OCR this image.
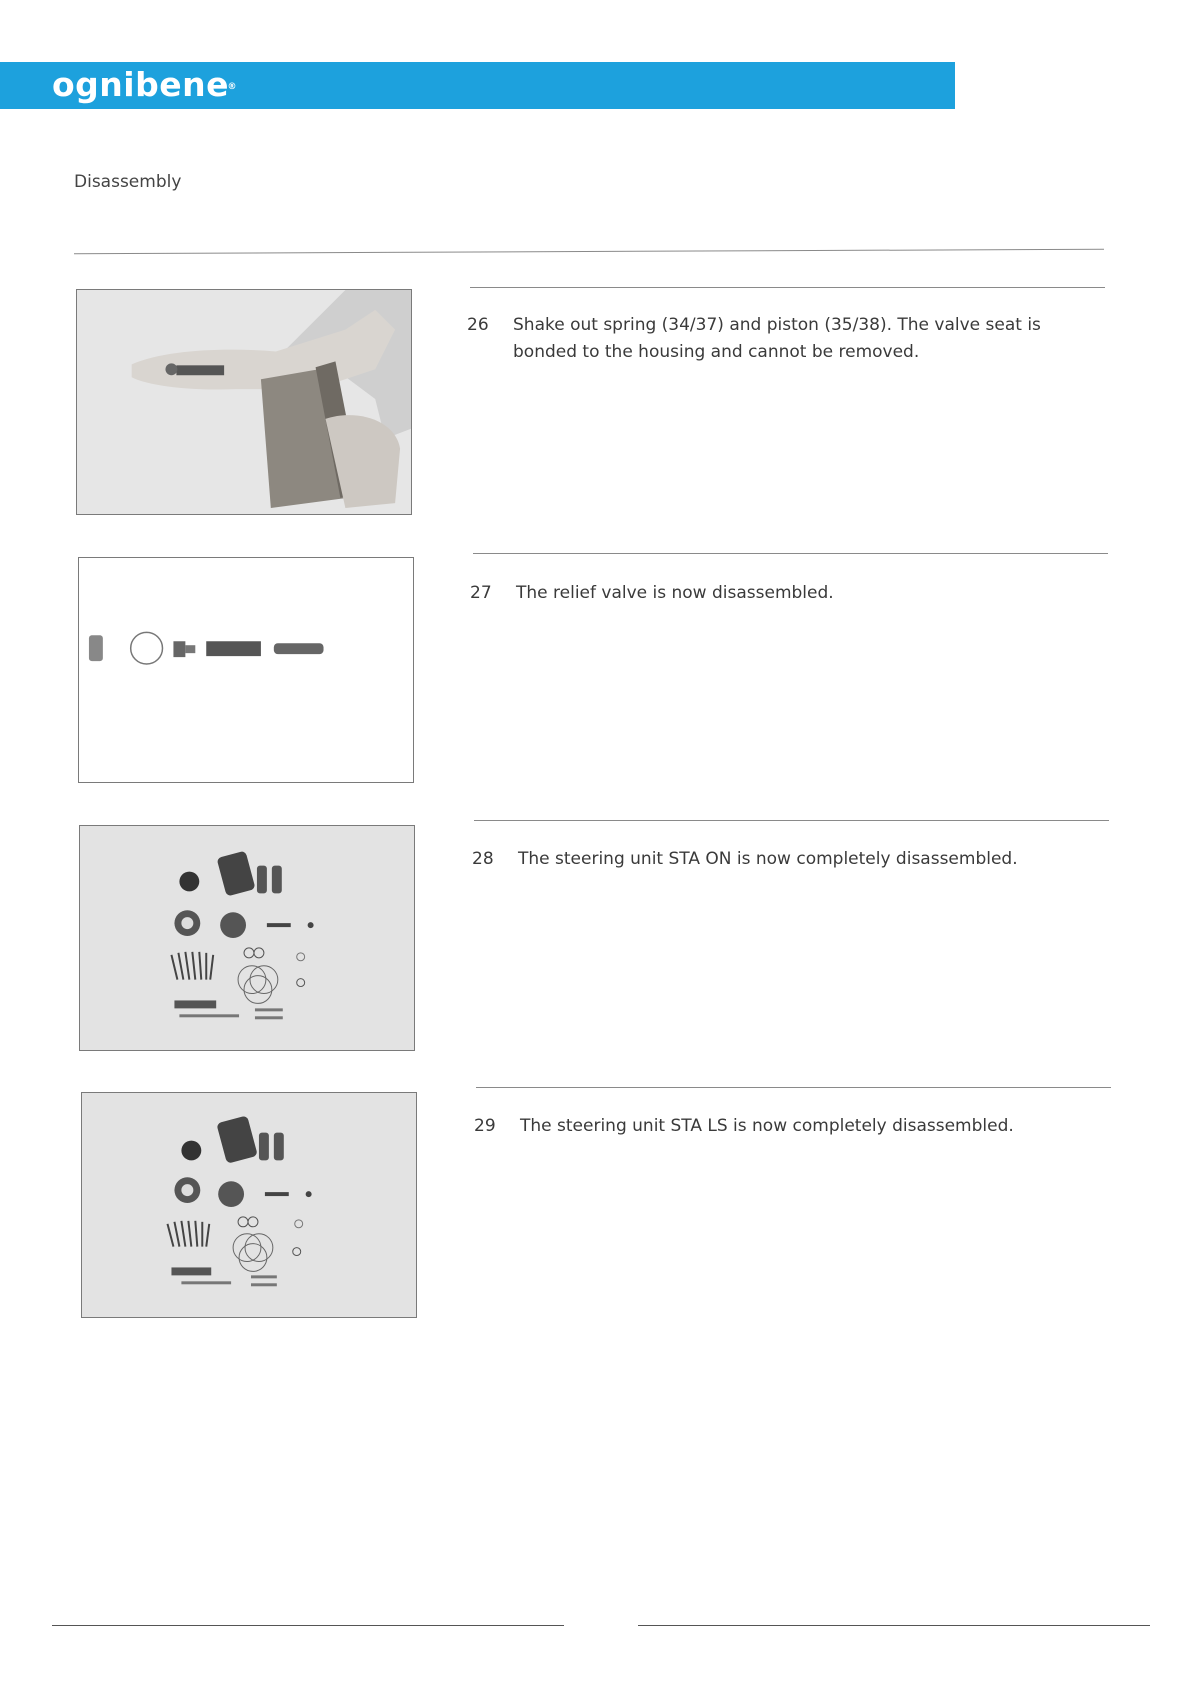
ognibene
®
Disassembly
26 Shake out spring (34/37) and piston (35/38). The valve seat is bonded to the housing and cannot be removed.
27 The relief valve is now disassembled.
28 The steering unit STA ON is now completely disassembled.
29 The steering unit STA LS is now completely disassembled.
